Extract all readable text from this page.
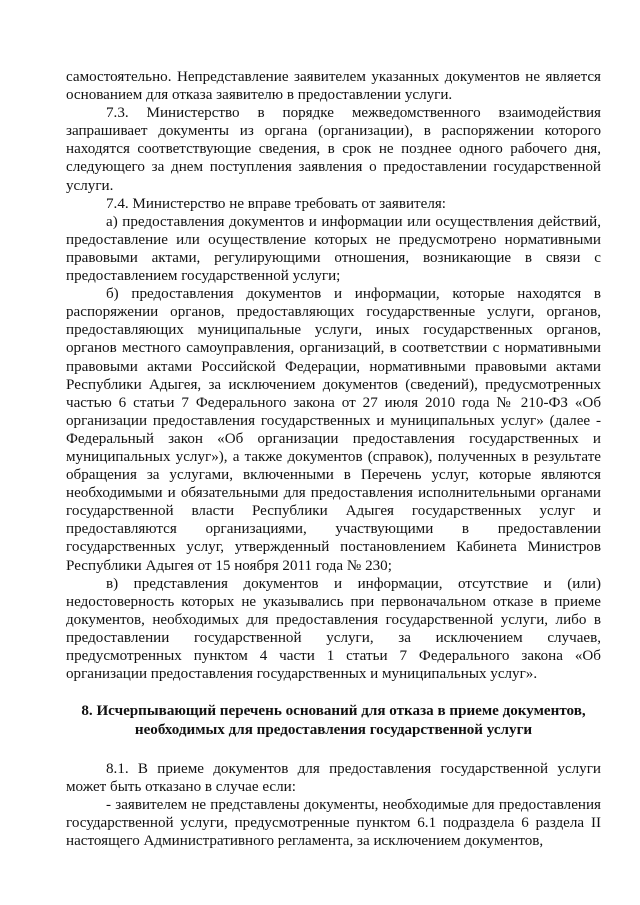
самостоятельно. Непредставление заявителем указанных документов не является основанием для отказа заявителю в предоставлении услуги.

7.3. Министерство в порядке межведомственного взаимодействия запрашивает документы из органа (организации), в распоряжении которого находятся соответствующие сведения, в срок не позднее одного рабочего дня, следующего за днем поступления заявления о предоставлении государственной услуги.

7.4. Министерство не вправе требовать от заявителя:

а) предоставления документов и информации или осуществления действий, предоставление или осуществление которых не предусмотрено нормативными правовыми актами, регулирующими отношения, возникающие в связи с предоставлением государственной услуги;

б) предоставления документов и информации, которые находятся в распоряжении органов, предоставляющих государственные услуги, органов, предоставляющих муниципальные услуги, иных государственных органов, органов местного самоуправления, организаций, в соответствии с нормативными правовыми актами Российской Федерации, нормативными правовыми актами Республики Адыгея, за исключением документов (сведений), предусмотренных частью 6 статьи 7 Федерального закона от 27 июля 2010 года № 210-ФЗ «Об организации предоставления государственных и муниципальных услуг» (далее - Федеральный закон «Об организации предоставления государственных и муниципальных услуг»), а также документов (справок), полученных в результате обращения за услугами, включенными в Перечень услуг, которые являются необходимыми и обязательными для предоставления исполнительными органами государственной власти Республики Адыгея государственных услуг и предоставляются организациями, участвующими в предоставлении государственных услуг, утвержденный постановлением Кабинета Министров Республики Адыгея от 15 ноября 2011 года № 230;

в) представления документов и информации, отсутствие и (или) недостоверность которых не указывались при первоначальном отказе в приеме документов, необходимых для предоставления государственной услуги, либо в предоставлении государственной услуги, за исключением случаев, предусмотренных пунктом 4 части 1 статьи 7 Федерального закона «Об организации предоставления государственных и муниципальных услуг».

8. Исчерпывающий перечень оснований для отказа в приеме документов,
необходимых для предоставления государственной услуги

8.1. В приеме документов для предоставления государственной услуги может быть отказано в случае если:

- заявителем не представлены документы, необходимые для предоставления государственной услуги, предусмотренные пунктом 6.1 подраздела 6 раздела II настоящего Административного регламента, за исключением документов,
